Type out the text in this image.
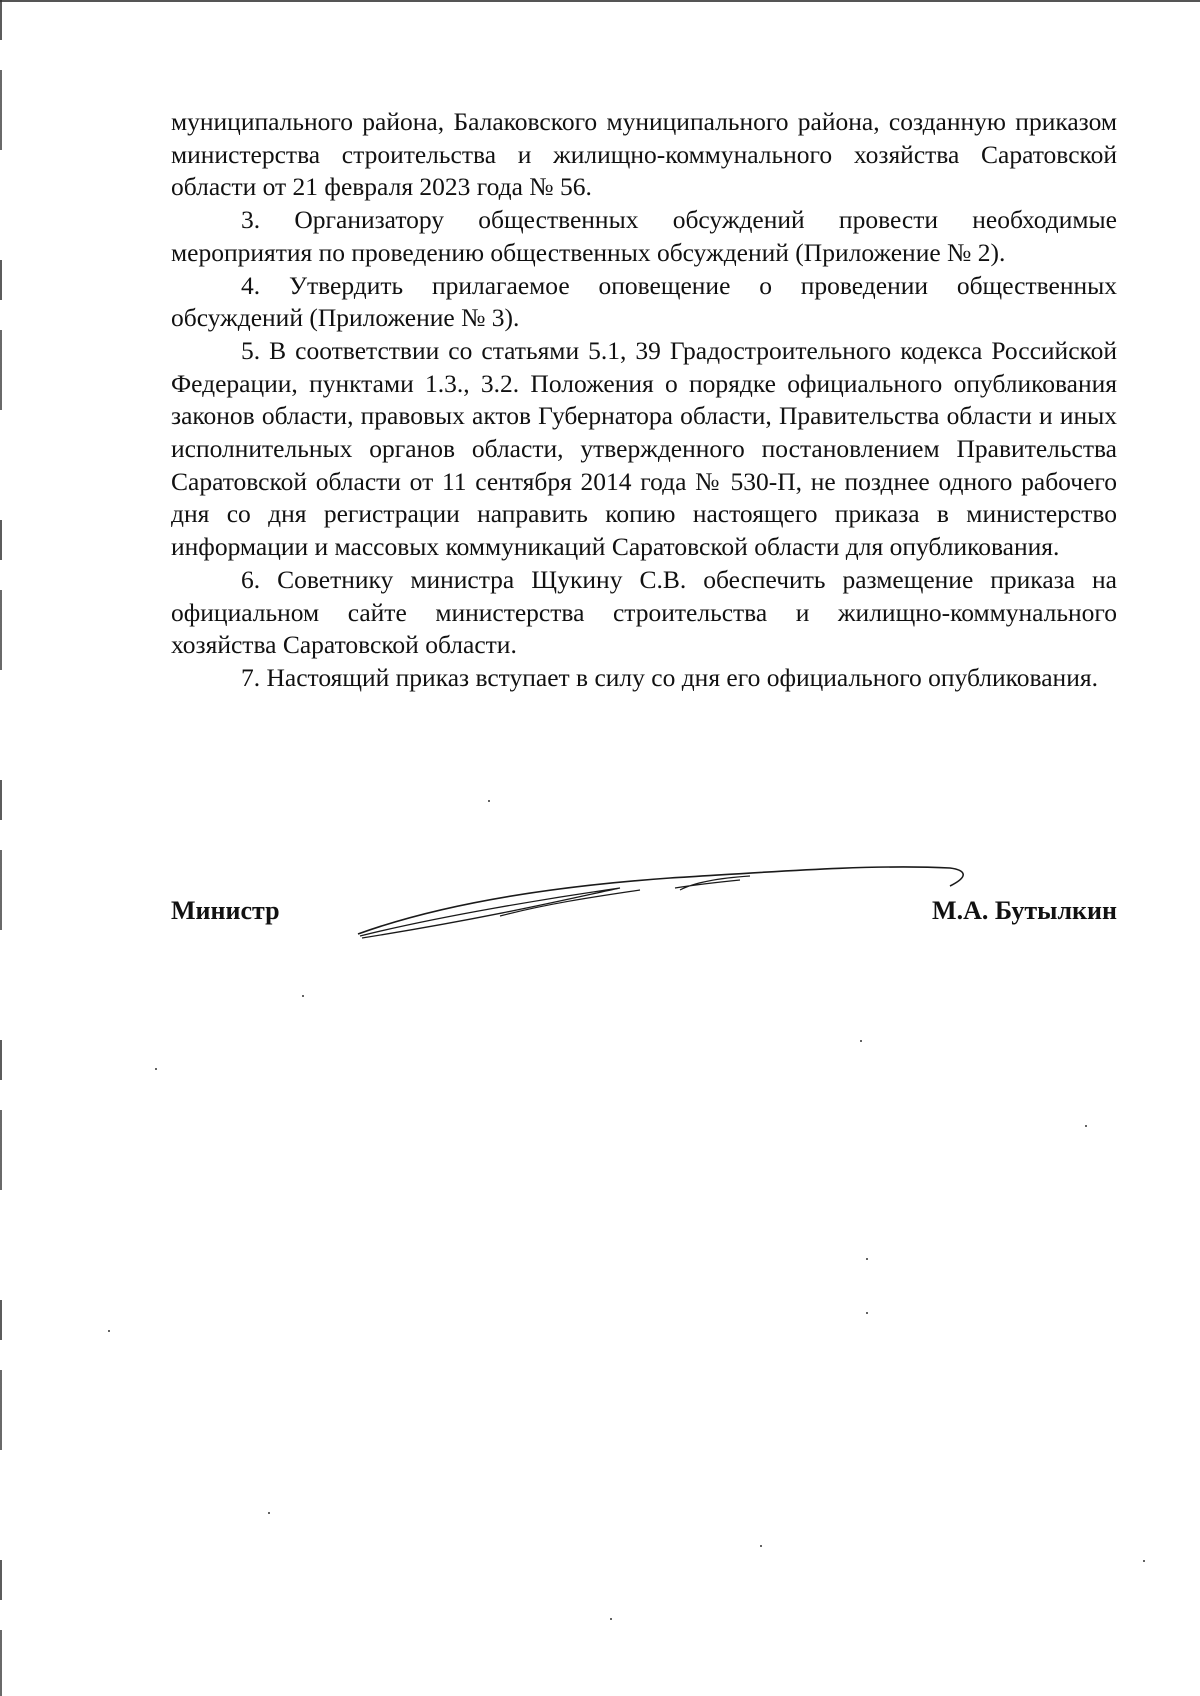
муниципального района, Балаковского муниципального района, созданную приказом министерства строительства и жилищно-коммунального хозяйства Саратовской области от 21 февраля 2023 года № 56.

3. Организатору общественных обсуждений провести необходимые мероприятия по проведению общественных обсуждений (Приложение № 2).

4. Утвердить прилагаемое оповещение о проведении общественных обсуждений (Приложение № 3).

5. В соответствии со статьями 5.1, 39 Градостроительного кодекса Российской Федерации, пунктами 1.3., 3.2. Положения о порядке официального опубликования законов области, правовых актов Губернатора области, Правительства области и иных исполнительных органов области, утвержденного постановлением Правительства Саратовской области от 11 сентября 2014 года № 530-П, не позднее одного рабочего дня со дня регистрации направить копию настоящего приказа в министерство информации и массовых коммуникаций Саратовской области для опубликования.

6. Советнику министра Щукину С.В. обеспечить размещение приказа на официальном сайте министерства строительства и жилищно-коммунального хозяйства Саратовской области.

7. Настоящий приказ вступает в силу со дня его официального опубликования.

Министр	М.А. Бутылкин
